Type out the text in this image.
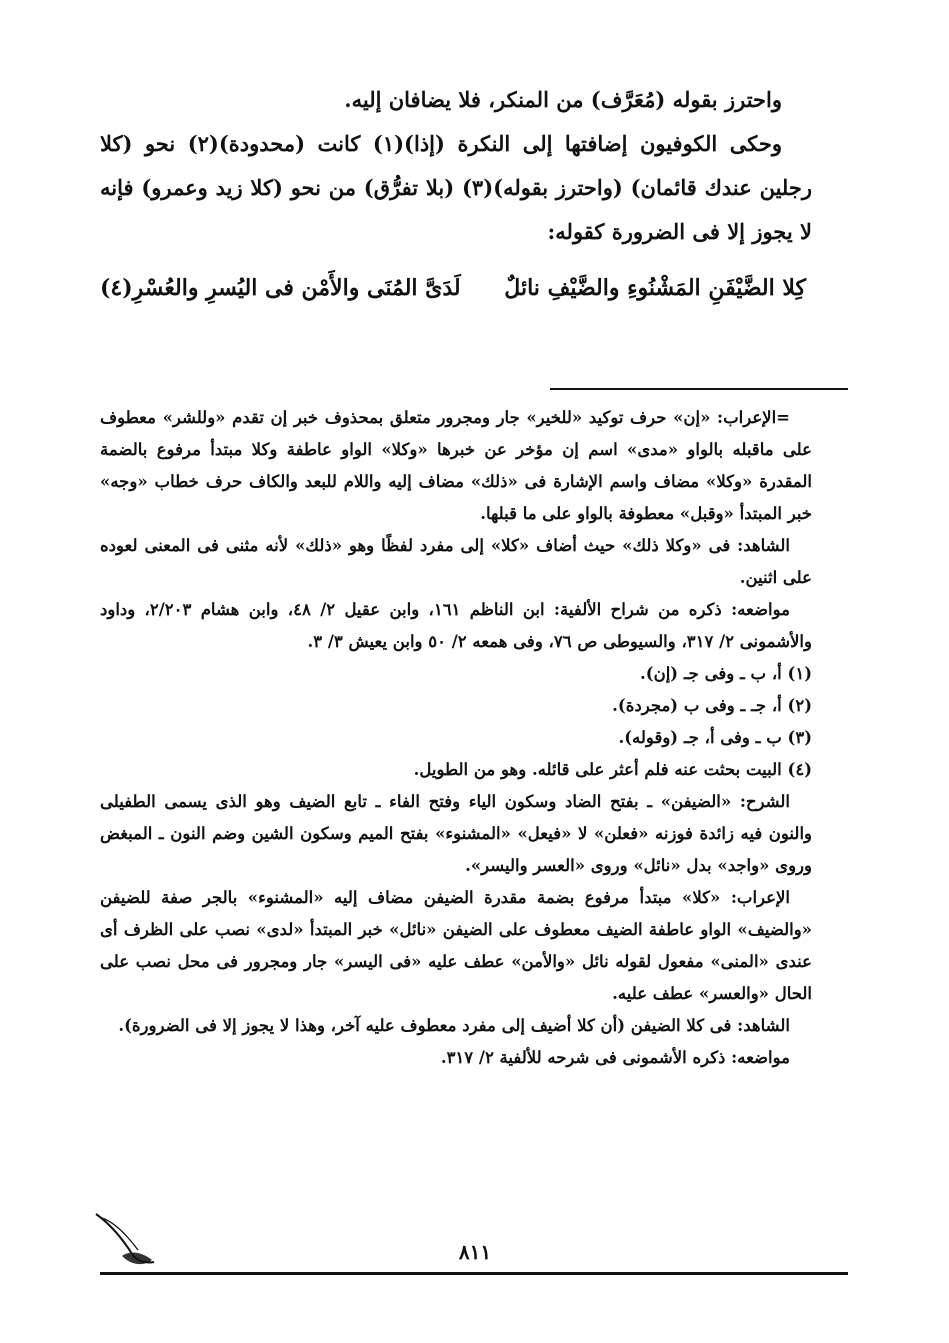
واحترز بقوله (مُعَرَّف) من المنكر، فلا يضافان إليه.

وحكى الكوفيون إضافتها إلى النكرة (إذا)(١) كانت (محدودة)(٢) نحو (كلا رجلين عندك قائمان) (واحترز بقوله)(٣) (بلا تفرُّق) من نحو (كلا زيد وعمرو) فإنه لا يجوز إلا فى الضرورة كقوله:

كِلا الضَّيْفَنِ المَشْنُوءِ والضَّيْفِ نائلٌ
لَدَىَّ المُنَى والأَمْن فى اليُسرِ والعُسْرِ(٤)

=الإعراب: «إن» حرف توكيد «للخير» جار ومجرور متعلق بمحذوف خبر إن تقدم «وللشر» معطوف على ماقبله بالواو «مدى» اسم إن مؤخر عن خبرها «وكلا» الواو عاطفة وكلا مبتدأ مرفوع بالضمة المقدرة «وكلا» مضاف واسم الإشارة فى «ذلك» مضاف إليه واللام للبعد والكاف حرف خطاب «وجه» خبر المبتدأ «وقبل» معطوفة بالواو على ما قبلها.

الشاهد: فى «وكلا ذلك» حيث أضاف «كلا» إلى مفرد لفظًا وهو «ذلك» لأنه مثنى فى المعنى لعوده على اثنين.

مواضعه: ذكره من شراح الألفية: ابن الناظم ١٦١، وابن عقيل ٢/ ٤٨، وابن هشام ٢/٢٠٣، وداود والأشمونى ٢/ ٣١٧، والسيوطى ص ٧٦، وفى همعه ٢/ ٥٠ وابن يعيش ٣/ ٣.

(١) أ، ب ـ وفى جـ (إن).

(٢) أ، جـ ـ وفى ب (مجردة).

(٣) ب ـ وفى أ، جـ (وقوله).

(٤) البيت بحثت عنه فلم أعثر على قائله. وهو من الطويل.

الشرح: «الضيفن» ـ بفتح الضاد وسكون الياء وفتح الفاء ـ تابع الضيف وهو الذى يسمى الطفيلى والنون فيه زائدة فوزنه «فعلن» لا «فيعل» «المشنوء» بفتح الميم وسكون الشين وضم النون ـ المبغض وروى «واجد» بدل «نائل» وروى «العسر واليسر».

الإعراب: «كلا» مبتدأ مرفوع بضمة مقدرة الضيفن مضاف إليه «المشنوء» بالجر صفة للضيفن «والضيف» الواو عاطفة الضيف معطوف على الضيفن «نائل» خبر المبتدأ «لدى» نصب على الظرف أى عندى «المنى» مفعول لقوله نائل «والأمن» عطف عليه «فى اليسر» جار ومجرور فى محل نصب على الحال «والعسر» عطف عليه.

الشاهد: فى كلا الضيفن (أن كلا أضيف إلى مفرد معطوف عليه آخر، وهذا لا يجوز إلا فى الضرورة).

مواضعه: ذكره الأشمونى فى شرحه للألفية ٢/ ٣١٧.

٨١١
